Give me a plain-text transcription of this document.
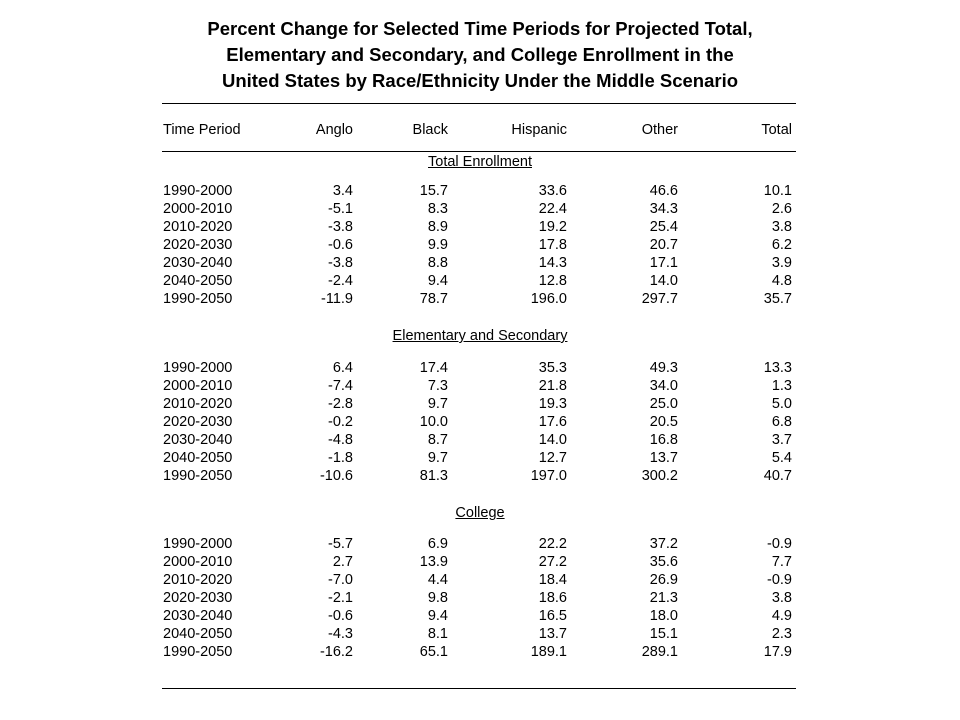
Percent Change for Selected Time Periods for Projected Total,
Elementary and Secondary, and College Enrollment in the
United States by Race/Ethnicity Under the Middle Scenario
Time Period	Anglo	Black	Hispanic	Other	Total
Total Enrollment
1990-2000	3.4	15.7	33.6	46.6	10.1
2000-2010	-5.1	8.3	22.4	34.3	2.6
2010-2020	-3.8	8.9	19.2	25.4	3.8
2020-2030	-0.6	9.9	17.8	20.7	6.2
2030-2040	-3.8	8.8	14.3	17.1	3.9
2040-2050	-2.4	9.4	12.8	14.0	4.8
1990-2050	-11.9	78.7	196.0	297.7	35.7
Elementary and Secondary
1990-2000	6.4	17.4	35.3	49.3	13.3
2000-2010	-7.4	7.3	21.8	34.0	1.3
2010-2020	-2.8	9.7	19.3	25.0	5.0
2020-2030	-0.2	10.0	17.6	20.5	6.8
2030-2040	-4.8	8.7	14.0	16.8	3.7
2040-2050	-1.8	9.7	12.7	13.7	5.4
1990-2050	-10.6	81.3	197.0	300.2	40.7
College
1990-2000	-5.7	6.9	22.2	37.2	-0.9
2000-2010	2.7	13.9	27.2	35.6	7.7
2010-2020	-7.0	4.4	18.4	26.9	-0.9
2020-2030	-2.1	9.8	18.6	21.3	3.8
2030-2040	-0.6	9.4	16.5	18.0	4.9
2040-2050	-4.3	8.1	13.7	15.1	2.3
1990-2050	-16.2	65.1	189.1	289.1	17.9
